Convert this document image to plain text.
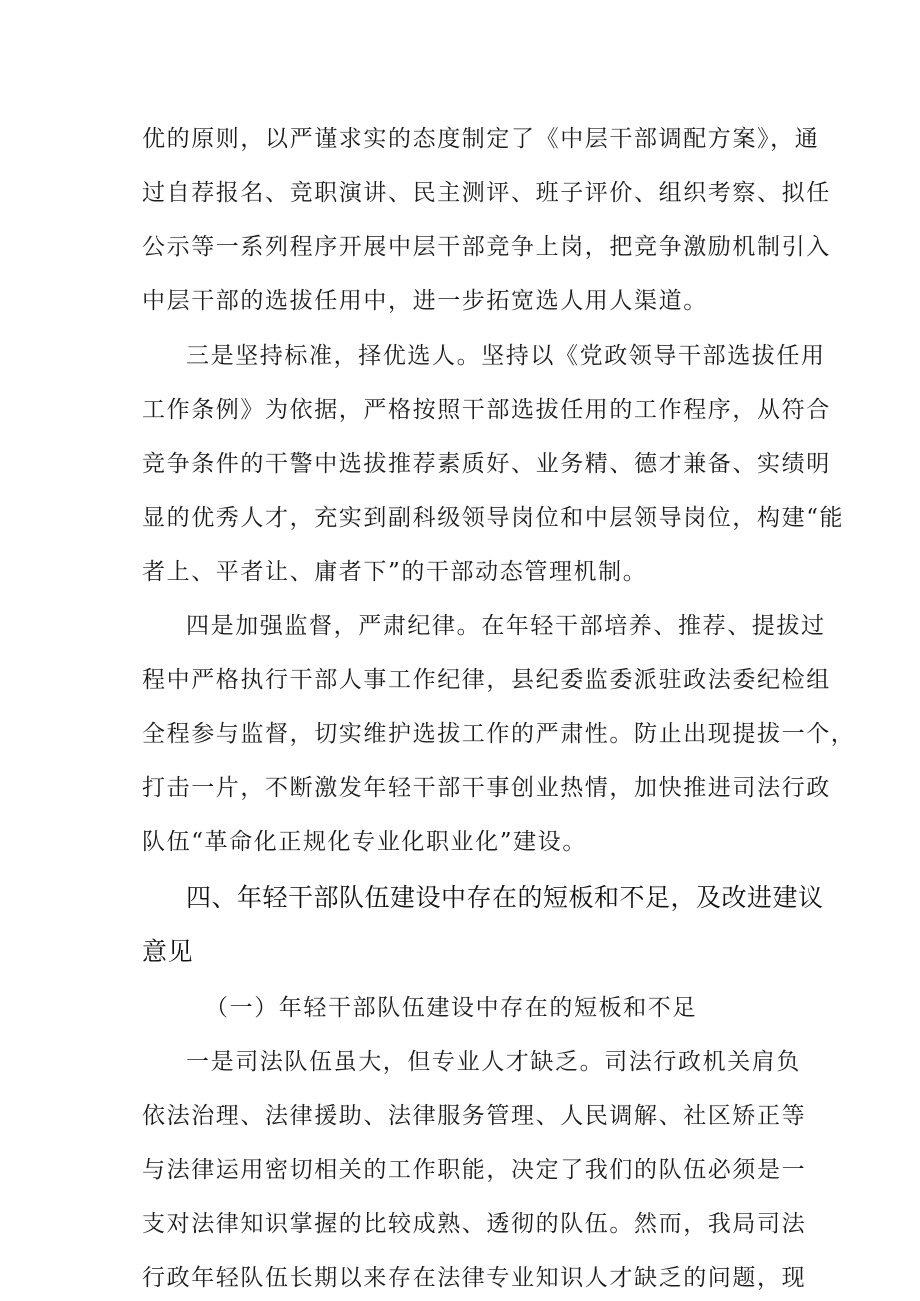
优的原则，以严谨求实的态度制定了《中层干部调配方案》，通

过自荐报名、竞职演讲、民主测评、班子评价、组织考察、拟任

公示等一系列程序开展中层干部竞争上岗，把竞争激励机制引入

中层干部的选拔任用中，进一步拓宽选人用人渠道。

三是坚持标准，择优选人。坚持以《党政领导干部选拔任用

工作条例》为依据，严格按照干部选拔任用的工作程序，从符合

竞争条件的干警中选拔推荐素质好、业务精、德才兼备、实绩明

显的优秀人才，充实到副科级领导岗位和中层领导岗位，构建“能

者上、平者让、庸者下”的干部动态管理机制。

四是加强监督，严肃纪律。在年轻干部培养、推荐、提拔过

程中严格执行干部人事工作纪律，县纪委监委派驻政法委纪检组

全程参与监督，切实维护选拔工作的严肃性。防止出现提拔一个，

打击一片，不断激发年轻干部干事创业热情，加快推进司法行政

队伍“革命化正规化专业化职业化”建设。

四、年轻干部队伍建设中存在的短板和不足，及改进建议

意见

（一）年轻干部队伍建设中存在的短板和不足

一是司法队伍虽大，但专业人才缺乏。司法行政机关肩负

依法治理、法律援助、法律服务管理、人民调解、社区矫正等

与法律运用密切相关的工作职能，决定了我们的队伍必须是一

支对法律知识掌握的比较成熟、透彻的队伍。然而，我局司法

行政年轻队伍长期以来存在法律专业知识人才缺乏的问题，现
